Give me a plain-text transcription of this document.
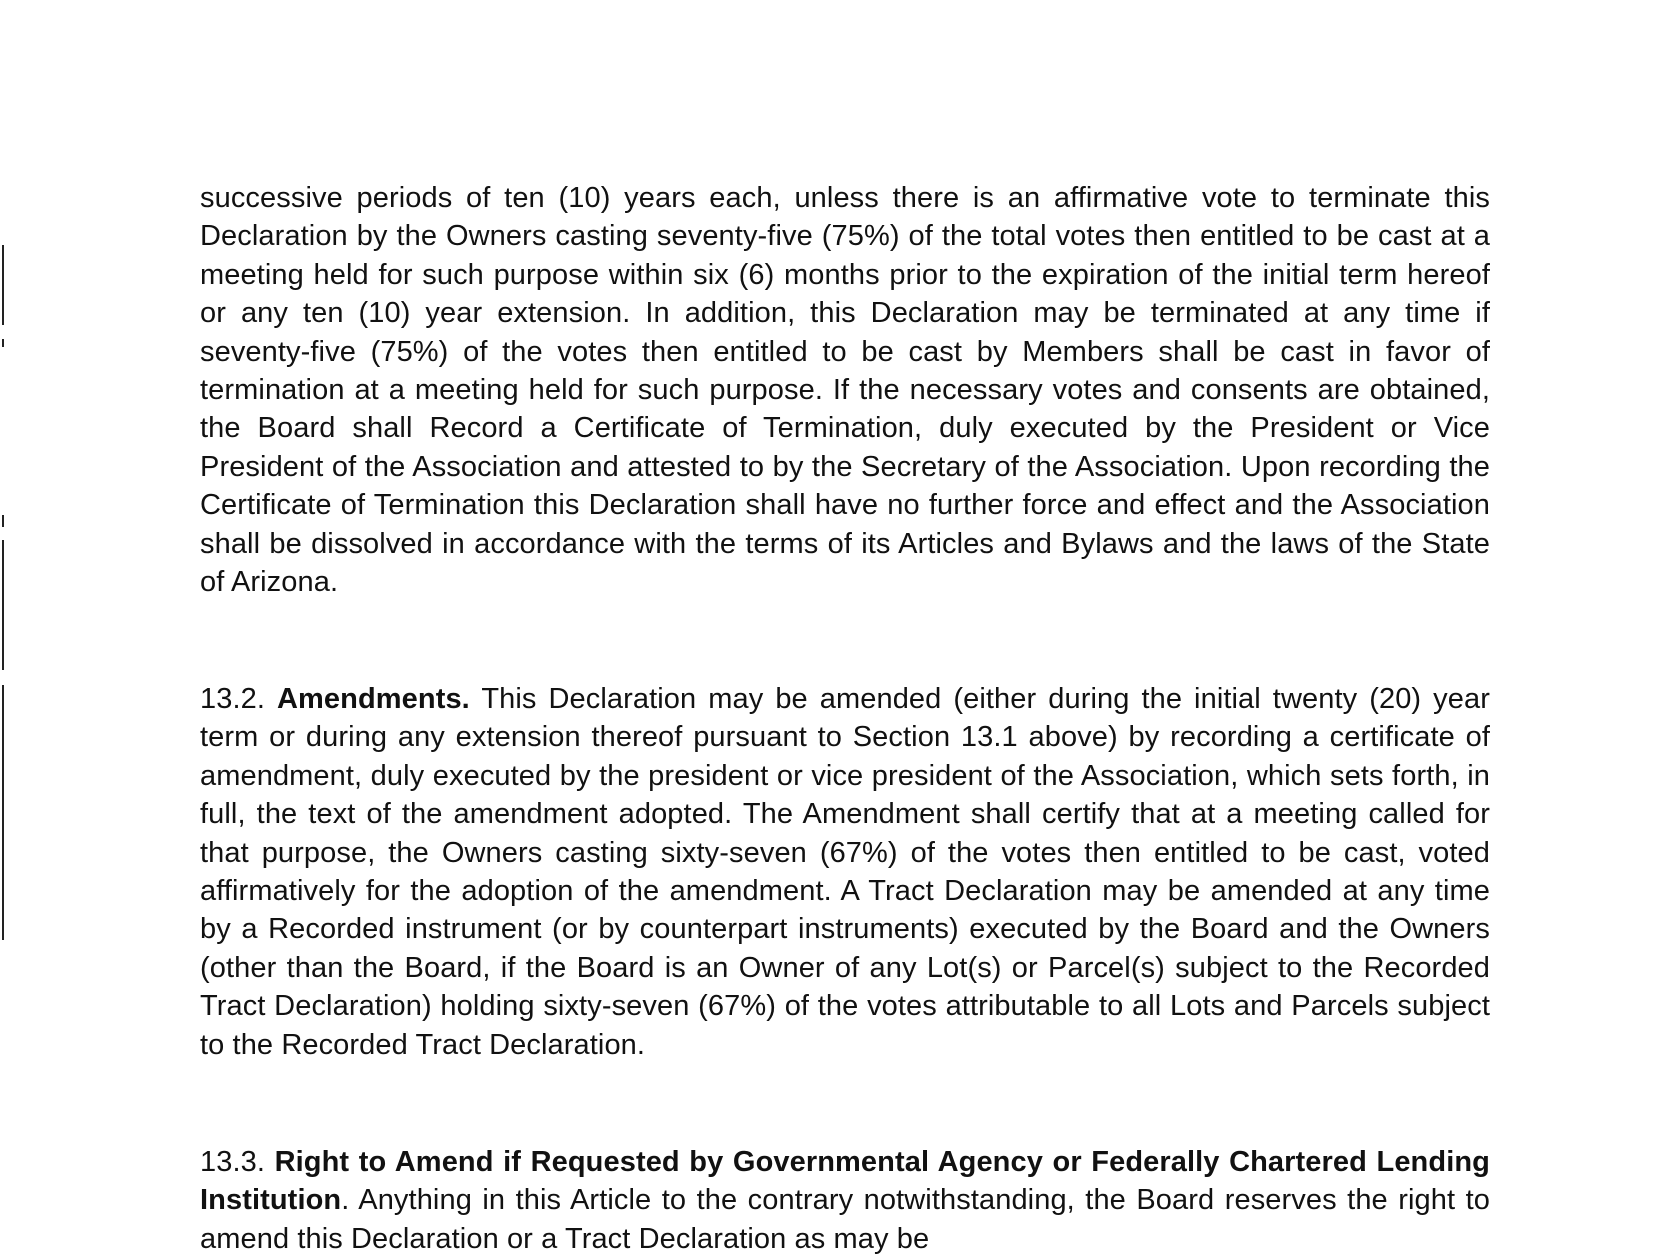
successive periods of ten (10) years each, unless there is an affirmative vote to terminate this Declaration by the Owners casting seventy-five (75%) of the total votes then entitled to be cast at a meeting held for such purpose within six (6) months prior to the expiration of the initial term hereof or any ten (10) year extension. In addition, this Declaration may be terminated at any time if seventy-five (75%) of the votes then entitled to be cast by Members shall be cast in favor of termination at a meeting held for such purpose. If the necessary votes and consents are obtained, the Board shall Record a Certificate of Termination, duly executed by the President or Vice President of the Association and attested to by the Secretary of the Association. Upon recording the Certificate of Termination this Declaration shall have no further force and effect and the Association shall be dissolved in accordance with the terms of its Articles and Bylaws and the laws of the State of Arizona.

13.2. Amendments. This Declaration may be amended (either during the initial twenty (20) year term or during any extension thereof pursuant to Section 13.1 above) by recording a certificate of amendment, duly executed by the president or vice president of the Association, which sets forth, in full, the text of the amendment adopted. The Amendment shall certify that at a meeting called for that purpose, the Owners casting sixty-seven (67%) of the votes then entitled to be cast, voted affirmatively for the adoption of the amendment. A Tract Declaration may be amended at any time by a Recorded instrument (or by counterpart instruments) executed by the Board and the Owners (other than the Board, if the Board is an Owner of any Lot(s) or Parcel(s) subject to the Recorded Tract Declaration) holding sixty-seven (67%) of the votes attributable to all Lots and Parcels subject to the Recorded Tract Declaration.

13.3. Right to Amend if Requested by Governmental Agency or Federally Chartered Lending Institution. Anything in this Article to the contrary notwithstanding, the Board reserves the right to amend this Declaration or a Tract Declaration as may be
